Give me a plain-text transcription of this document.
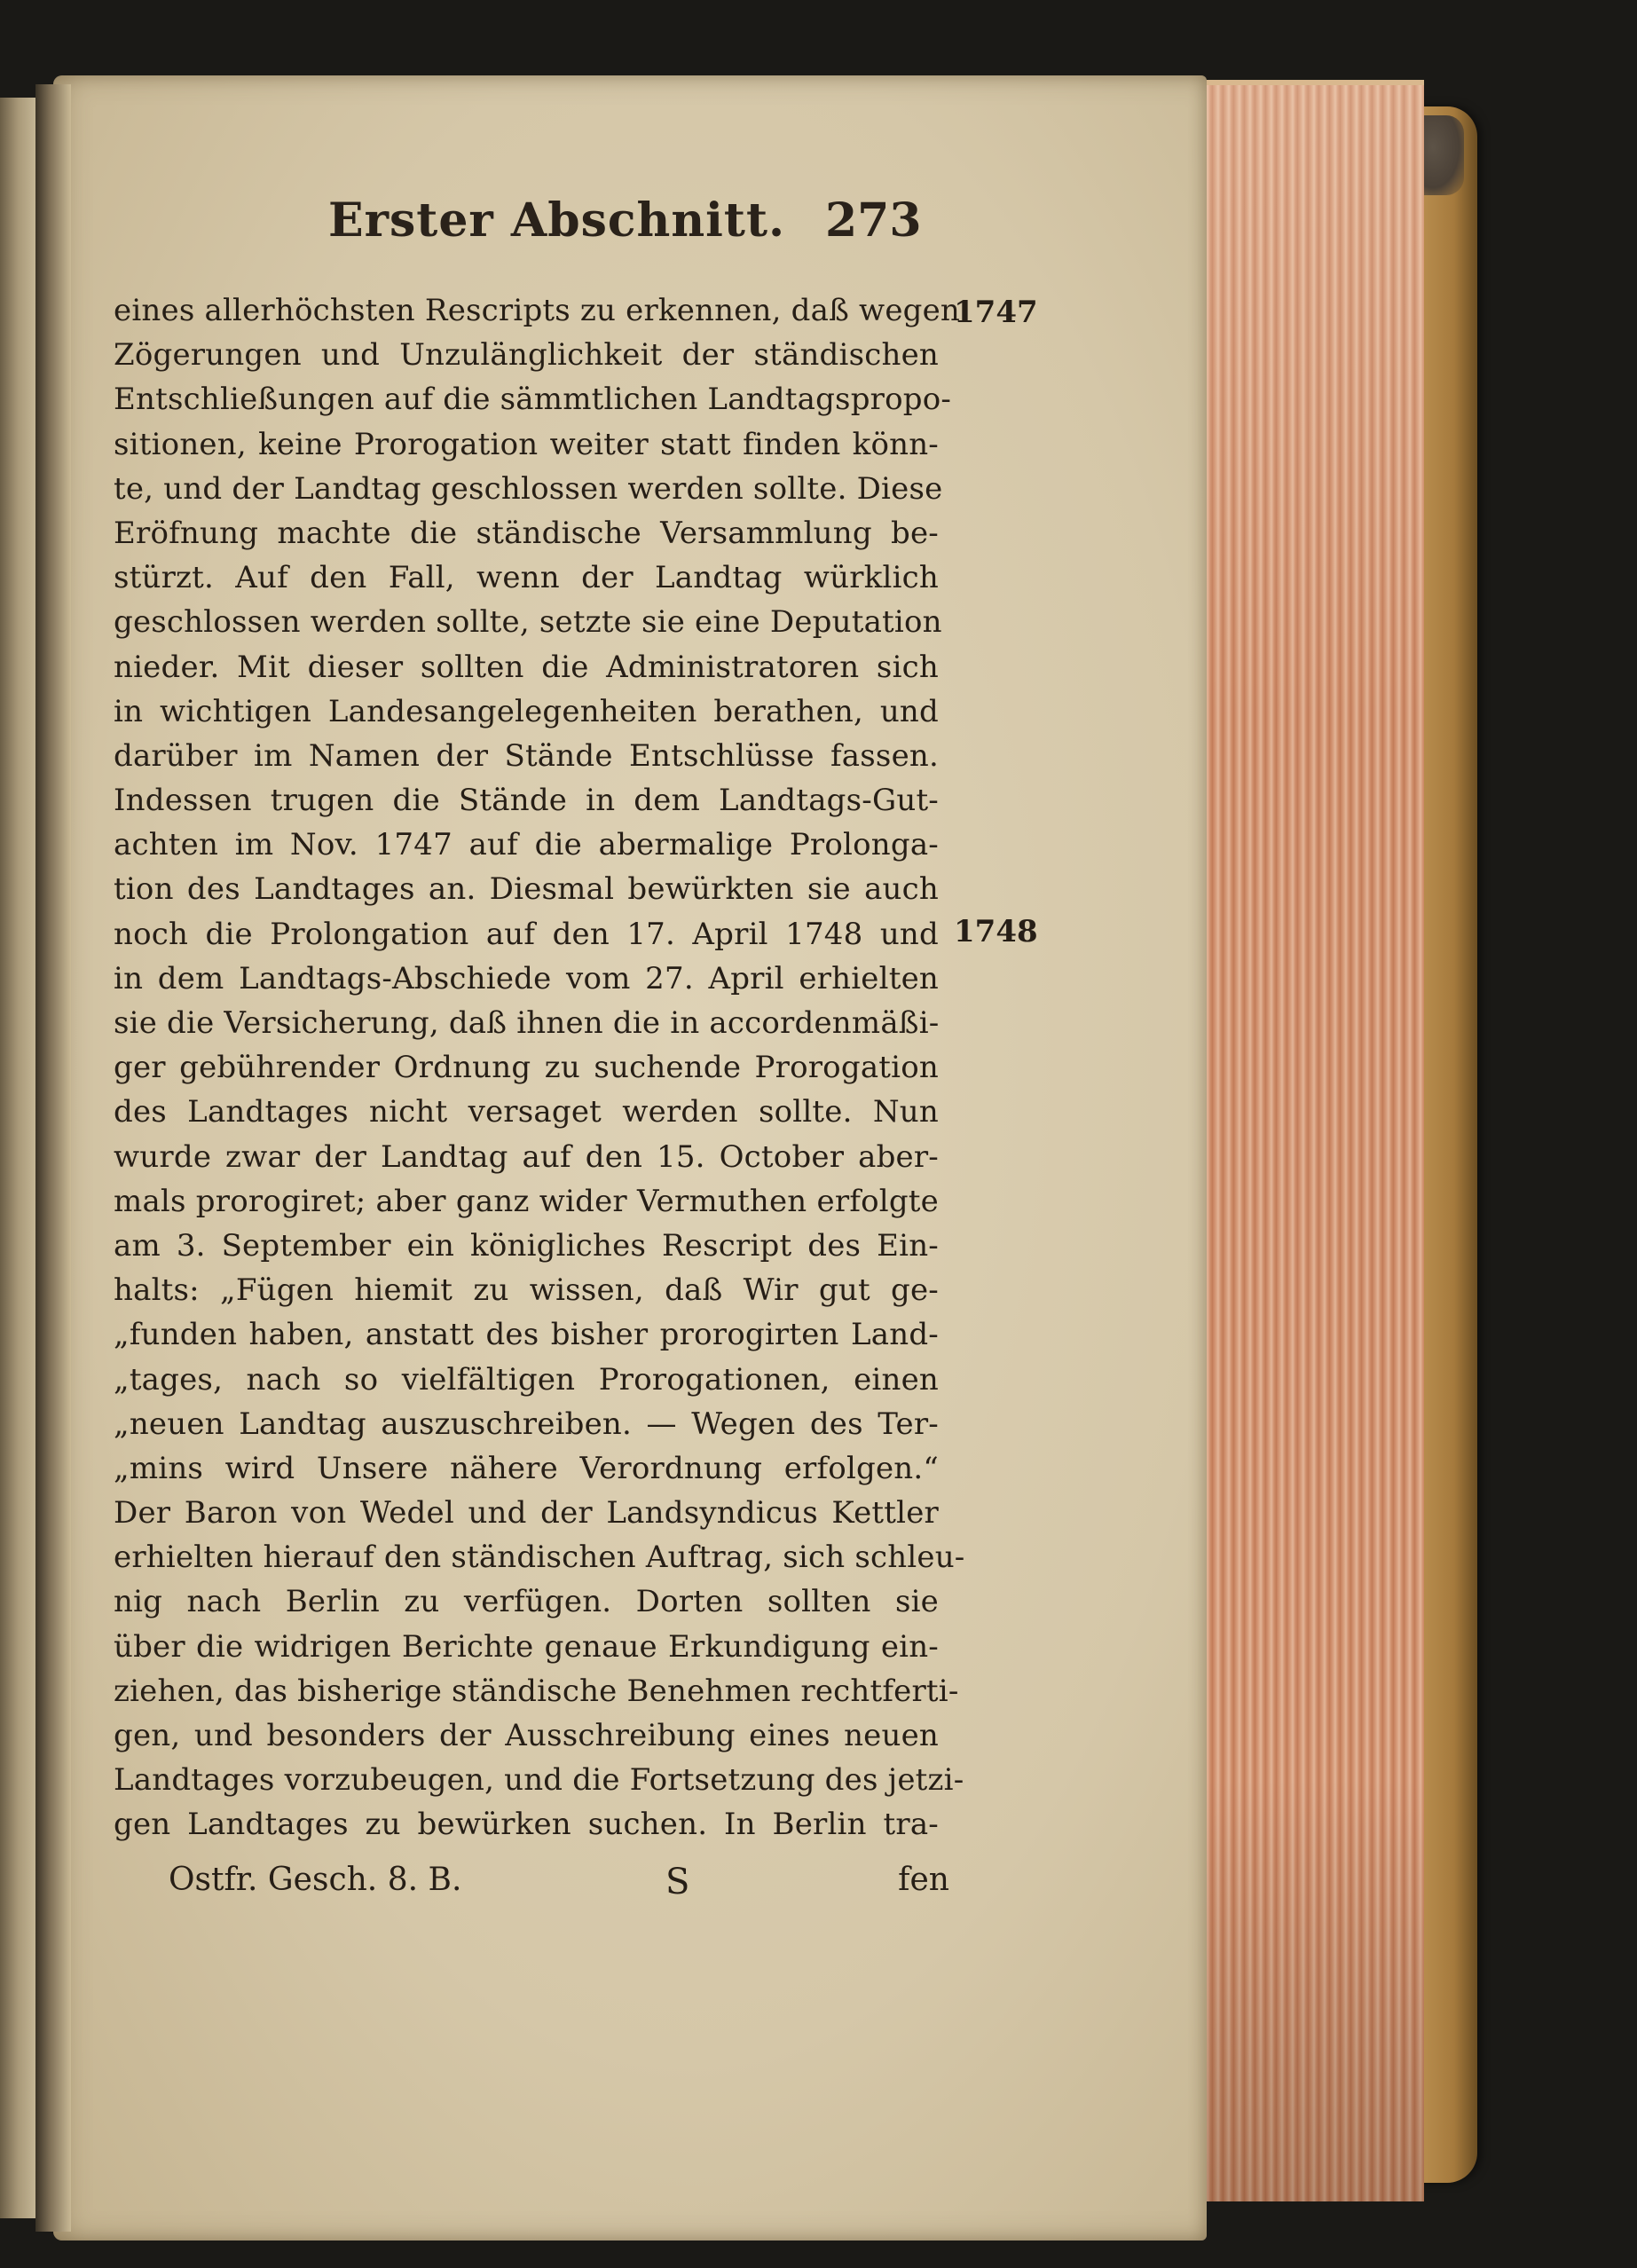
Erster Abschnitt. 273
eines allerhöchsten Rescripts zu erkennen, daß wegen
Zögerungen und Unzulänglichkeit der ständischen
Entschließungen auf die sämmtlichen Landtagspropo-
sitionen, keine Prorogation weiter statt finden könn-
te, und der Landtag geschlossen werden sollte. Diese
Eröfnung machte die ständische Versammlung be-
stürzt. Auf den Fall, wenn der Landtag würklich
geschlossen werden sollte, setzte sie eine Deputation
nieder. Mit dieser sollten die Administratoren sich
in wichtigen Landesangelegenheiten berathen, und
darüber im Namen der Stände Entschlüsse fassen.
Indessen trugen die Stände in dem Landtags-Gut-
achten im Nov. 1747 auf die abermalige Prolonga-
tion des Landtages an. Diesmal bewürkten sie auch
noch die Prolongation auf den 17. April 1748 und
in dem Landtags-Abschiede vom 27. April erhielten
sie die Versicherung, daß ihnen die in accordenmäßi-
ger gebührender Ordnung zu suchende Prorogation
des Landtages nicht versaget werden sollte. Nun
wurde zwar der Landtag auf den 15. October aber-
mals prorogiret; aber ganz wider Vermuthen erfolgte
am 3. September ein königliches Rescript des Ein-
halts: „Fügen hiemit zu wissen, daß Wir gut ge-
„funden haben, anstatt des bisher prorogirten Land-
„tages, nach so vielfältigen Prorogationen, einen
„neuen Landtag auszuschreiben. — Wegen des Ter-
„mins wird Unsere nähere Verordnung erfolgen.“
Der Baron von Wedel und der Landsyndicus Kettler
erhielten hierauf den ständischen Auftrag, sich schleu-
nig nach Berlin zu verfügen. Dorten sollten sie
über die widrigen Berichte genaue Erkundigung ein-
ziehen, das bisherige ständische Benehmen rechtferti-
gen, und besonders der Ausschreibung eines neuen
Landtages vorzubeugen, und die Fortsetzung des jetzi-
gen Landtages zu bewürken suchen. In Berlin tra-
1747
1748
Ostfr. Gesch. 8. B.	S	fen
